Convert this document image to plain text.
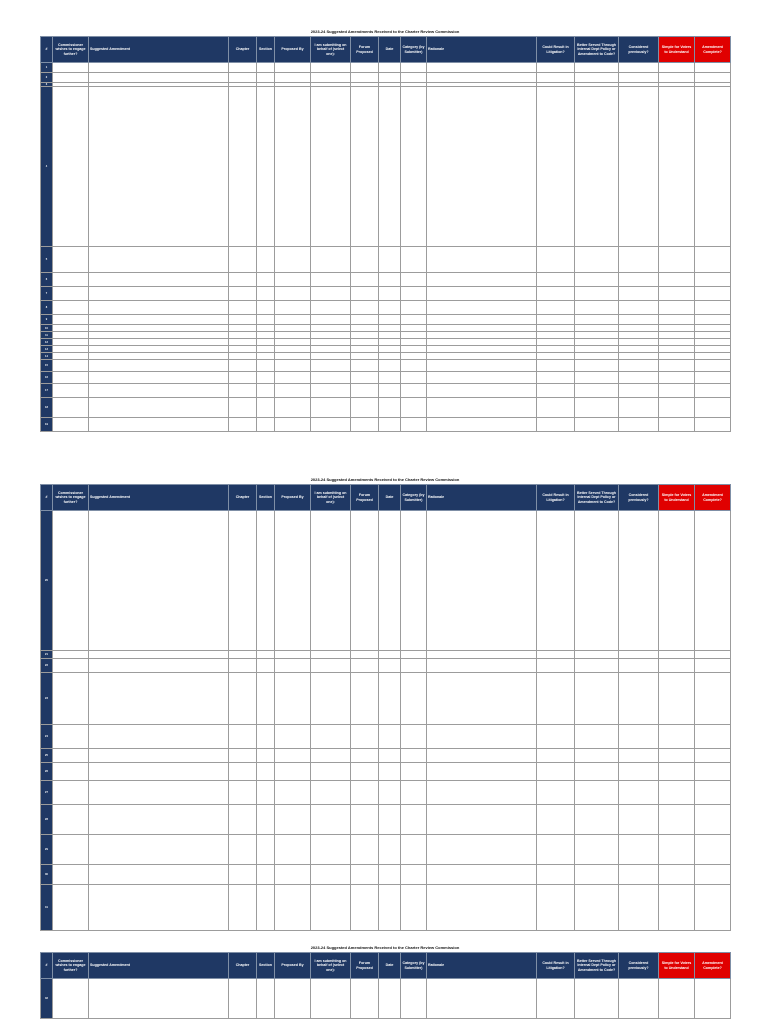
2023-24 Suggested Amendments Received to the Charter Review Commission
#	Commissioner wishes to engage further?	Suggested Amendment	Chapter	Section	Proposed By	I am submitting on behalf of (select one):	Forum Proposed	Date	Category (by Submitter)	Rationale	Could Result in Litigation?	Better Served Through Internal Dept Policy or Amendment to Code?	Considered previously?	Simple for Voters to Understand	Amendment Complete?
1															
2															
3															
4															
5															
6															
7															
8															
9															
10															
11															
12															
13															
14															
15															
16															
17															
18															
19															
2023-24 Suggested Amendments Received to the Charter Review Commission
#	Commissioner wishes to engage further?	Suggested Amendment	Chapter	Section	Proposed By	I am submitting on behalf of (select one):	Forum Proposed	Date	Category (by Submitter)	Rationale	Could Result in Litigation?	Better Served Through Internal Dept Policy or Amendment to Code?	Considered previously?	Simple for Voters to Understand	Amendment Complete?
20															
21															
22															
23															
24															
25															
26															
27															
28															
29															
30															
31															
2023-24 Suggested Amendments Received to the Charter Review Commission
#	Commissioner wishes to engage further?	Suggested Amendment	Chapter	Section	Proposed By	I am submitting on behalf of (select one):	Forum Proposed	Date	Category (by Submitter)	Rationale	Could Result in Litigation?	Better Served Through Internal Dept Policy or Amendment to Code?	Considered previously?	Simple for Voters to Understand	Amendment Complete?
32															
